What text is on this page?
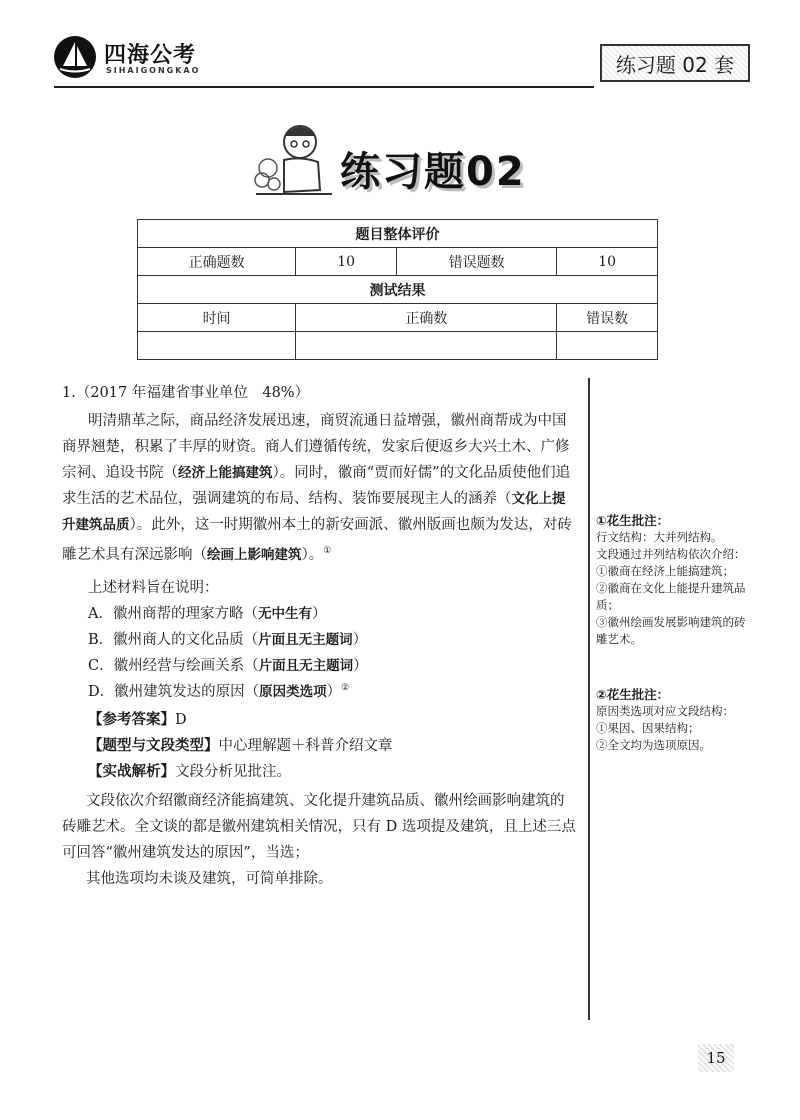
四海公考
SIHAIGONGKAO	练习题 02 套
练习题02
题目整体评价			
正确题数	10	错误题数	10
测试结果			
时间	正确数		错误数

1.（2017 年福建省事业单位　48%）
明清鼎革之际，商品经济发展迅速，商贸流通日益增强，徽州商帮成为中国商界翘楚，积累了丰厚的财资。商人们遵循传统，发家后便返乡大兴土木、广修宗祠、追设书院（经济上能搞建筑）。同时，徽商“贾而好儒”的文化品质使他们追求生活的艺术品位，强调建筑的布局、结构、装饰要展现主人的涵养（文化上提升建筑品质）。此外，这一时期徽州本土的新安画派、徽州版画也颇为发达，对砖雕艺术具有深远影响（绘画上影响建筑）。①
上述材料旨在说明：
A．徽州商帮的理家方略（无中生有）
B．徽州商人的文化品质（片面且无主题词）
C．徽州经营与绘画关系（片面且无主题词）
D．徽州建筑发达的原因（原因类选项）②
【参考答案】D
【题型与文段类型】中心理解题＋科普介绍文章
【实战解析】文段分析见批注。
文段依次介绍徽商经济能搞建筑、文化提升建筑品质、徽州绘画影响建筑的砖雕艺术。全文谈的都是徽州建筑相关情况，只有 D 选项提及建筑，且上述三点可回答“徽州建筑发达的原因”，当选；
其他选项均未谈及建筑，可简单排除。
①花生批注：
行文结构：大并列结构。
文段通过并列结构依次介绍：
①徽商在经济上能搞建筑；
②徽商在文化上能提升建筑品质；
③徽州绘画发展影响建筑的砖雕艺术。
②花生批注：
原因类选项对应文段结构：
①果因、因果结构；
②全文均为选项原因。
15
